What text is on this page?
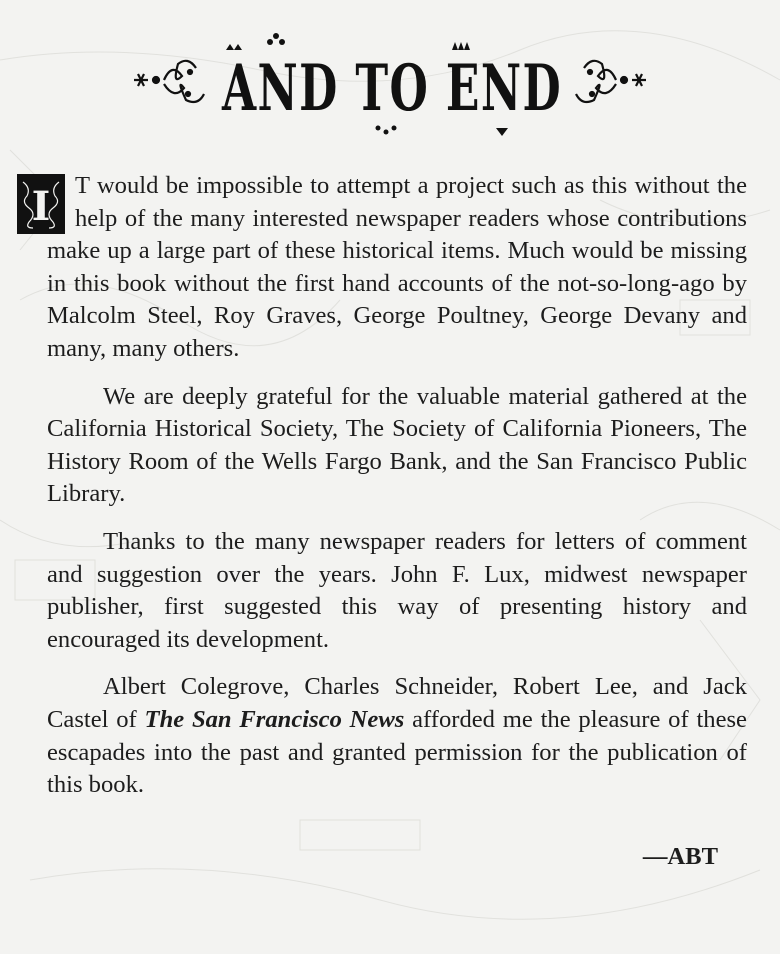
AND TO END

I T would be impossible to attempt a project such as this without the help of the many interested newspaper readers whose contributions make up a large part of these historical items. Much would be missing in this book without the first hand accounts of the not-so-long-ago by Malcolm Steel, Roy Graves, George Poultney, George Devany and many, many others.

We are deeply grateful for the valuable material gathered at the California Historical Society, The Society of California Pioneers, The History Room of the Wells Fargo Bank, and the San Francisco Public Library.

Thanks to the many newspaper readers for letters of comment and suggestion over the years. John F. Lux, midwest newspaper publisher, first suggested this way of presenting history and encouraged its development.

Albert Colegrove, Charles Schneider, Robert Lee, and Jack Castel of The San Francisco News afforded me the pleasure of these escapades into the past and granted permission for the publication of this book.

—ABT
